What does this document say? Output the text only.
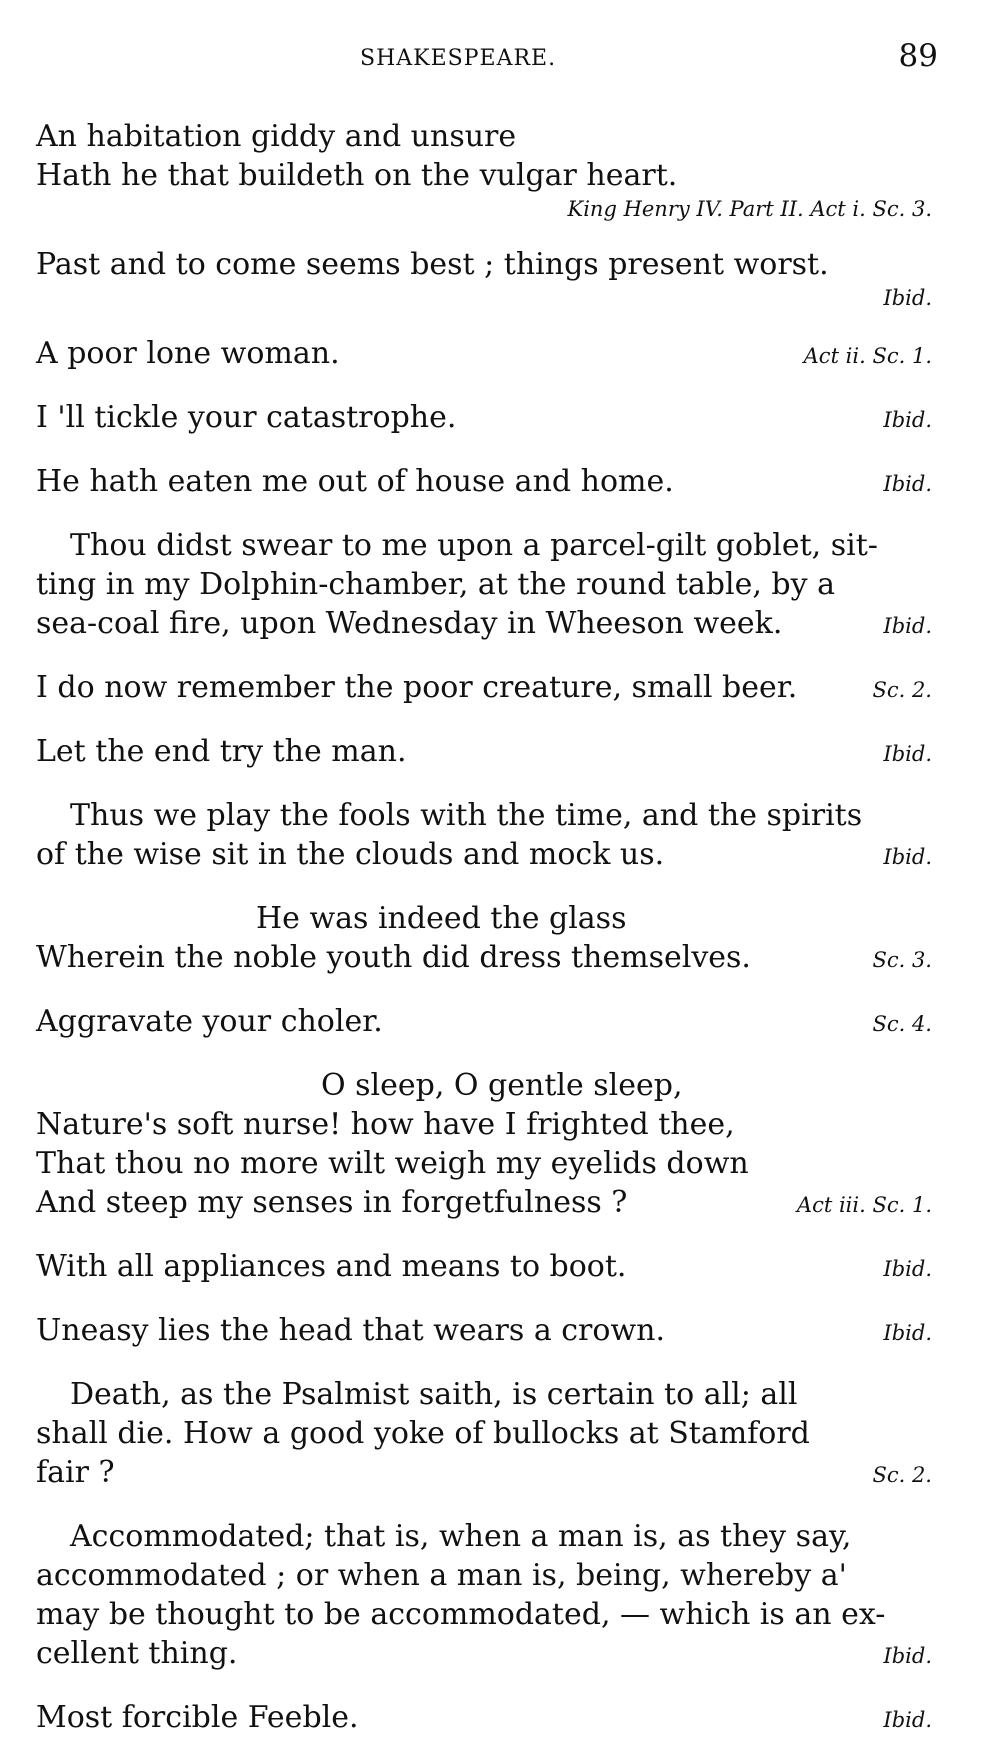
SHAKESPEARE.	89
An habitation giddy and unsure
Hath he that buildeth on the vulgar heart.
King Henry IV. Part II. Act i. Sc. 3.
Past and to come seems best ; things present worst.
Ibid.
A poor lone woman.	Act ii. Sc. 1.
I 'll tickle your catastrophe.	Ibid.
He hath eaten me out of house and home.	Ibid.
Thou didst swear to me upon a parcel-gilt goblet, sit-
ting in my Dolphin-chamber, at the round table, by a
sea-coal fire, upon Wednesday in Wheeson week.	Ibid.
I do now remember the poor creature, small beer.	Sc. 2.
Let the end try the man.	Ibid.
Thus we play the fools with the time, and the spirits
of the wise sit in the clouds and mock us.	Ibid.
He was indeed the glass
Wherein the noble youth did dress themselves.	Sc. 3.
Aggravate your choler.	Sc. 4.
O sleep, O gentle sleep,
Nature's soft nurse! how have I frighted thee,
That thou no more wilt weigh my eyelids down
And steep my senses in forgetfulness ?	Act iii. Sc. 1.
With all appliances and means to boot.	Ibid.
Uneasy lies the head that wears a crown.	Ibid.
Death, as the Psalmist saith, is certain to all; all
shall die. How a good yoke of bullocks at Stamford
fair ?	Sc. 2.
Accommodated; that is, when a man is, as they say,
accommodated ; or when a man is, being, whereby a'
may be thought to be accommodated, — which is an ex-
cellent thing.	Ibid.
Most forcible Feeble.	Ibid.
